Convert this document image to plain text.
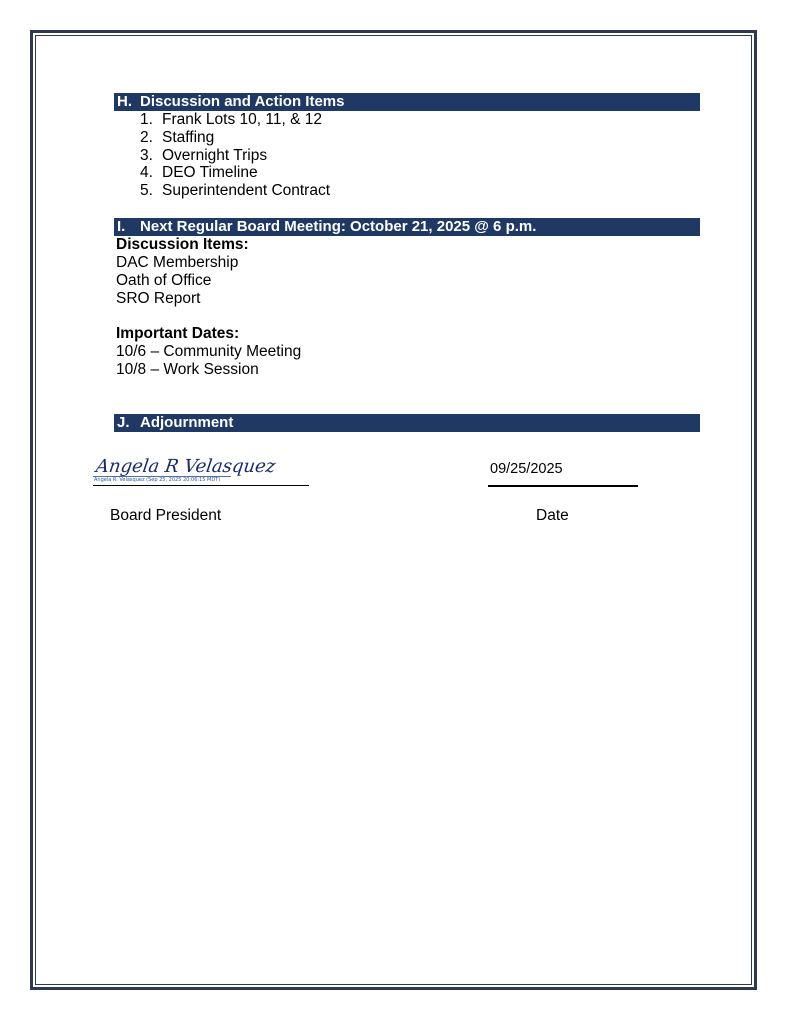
H. Discussion and Action Items
1. Frank Lots 10, 11, & 12
2. Staffing
3. Overnight Trips
4. DEO Timeline
5. Superintendent Contract
I. Next Regular Board Meeting: October 21, 2025 @ 6 p.m.
Discussion Items:
DAC Membership
Oath of Office
SRO Report
Important Dates:
10/6 – Community Meeting
10/8 – Work Session
J. Adjournment
Angela R Velasquez
Angela R. Velasquez (Sep 25, 2025 20:06:15 MDT)
09/25/2025
Board President	Date
